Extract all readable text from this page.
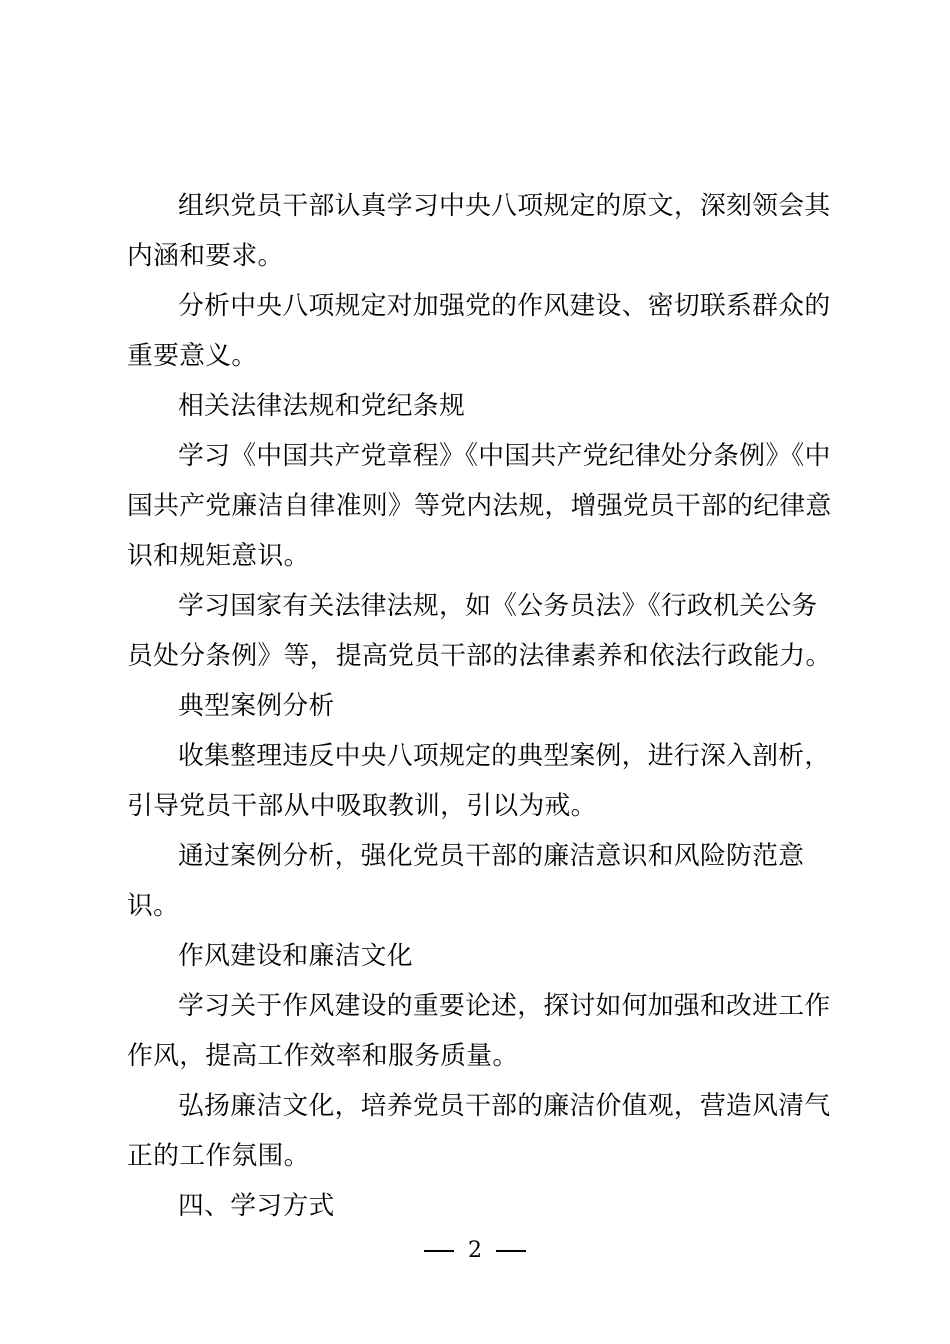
组织党员干部认真学习中央八项规定的原文，深刻领会其内涵和要求。

分析中央八项规定对加强党的作风建设、密切联系群众的重要意义。

相关法律法规和党纪条规

学习《中国共产党章程》《中国共产党纪律处分条例》《中国共产党廉洁自律准则》等党内法规，增强党员干部的纪律意识和规矩意识。

学习国家有关法律法规，如《公务员法》《行政机关公务员处分条例》等，提高党员干部的法律素养和依法行政能力。

典型案例分析

收集整理违反中央八项规定的典型案例，进行深入剖析，引导党员干部从中吸取教训，引以为戒。

通过案例分析，强化党员干部的廉洁意识和风险防范意识。

作风建设和廉洁文化

学习关于作风建设的重要论述，探讨如何加强和改进工作作风，提高工作效率和服务质量。

弘扬廉洁文化，培养党员干部的廉洁价值观，营造风清气正的工作氛围。

四、学习方式

2
